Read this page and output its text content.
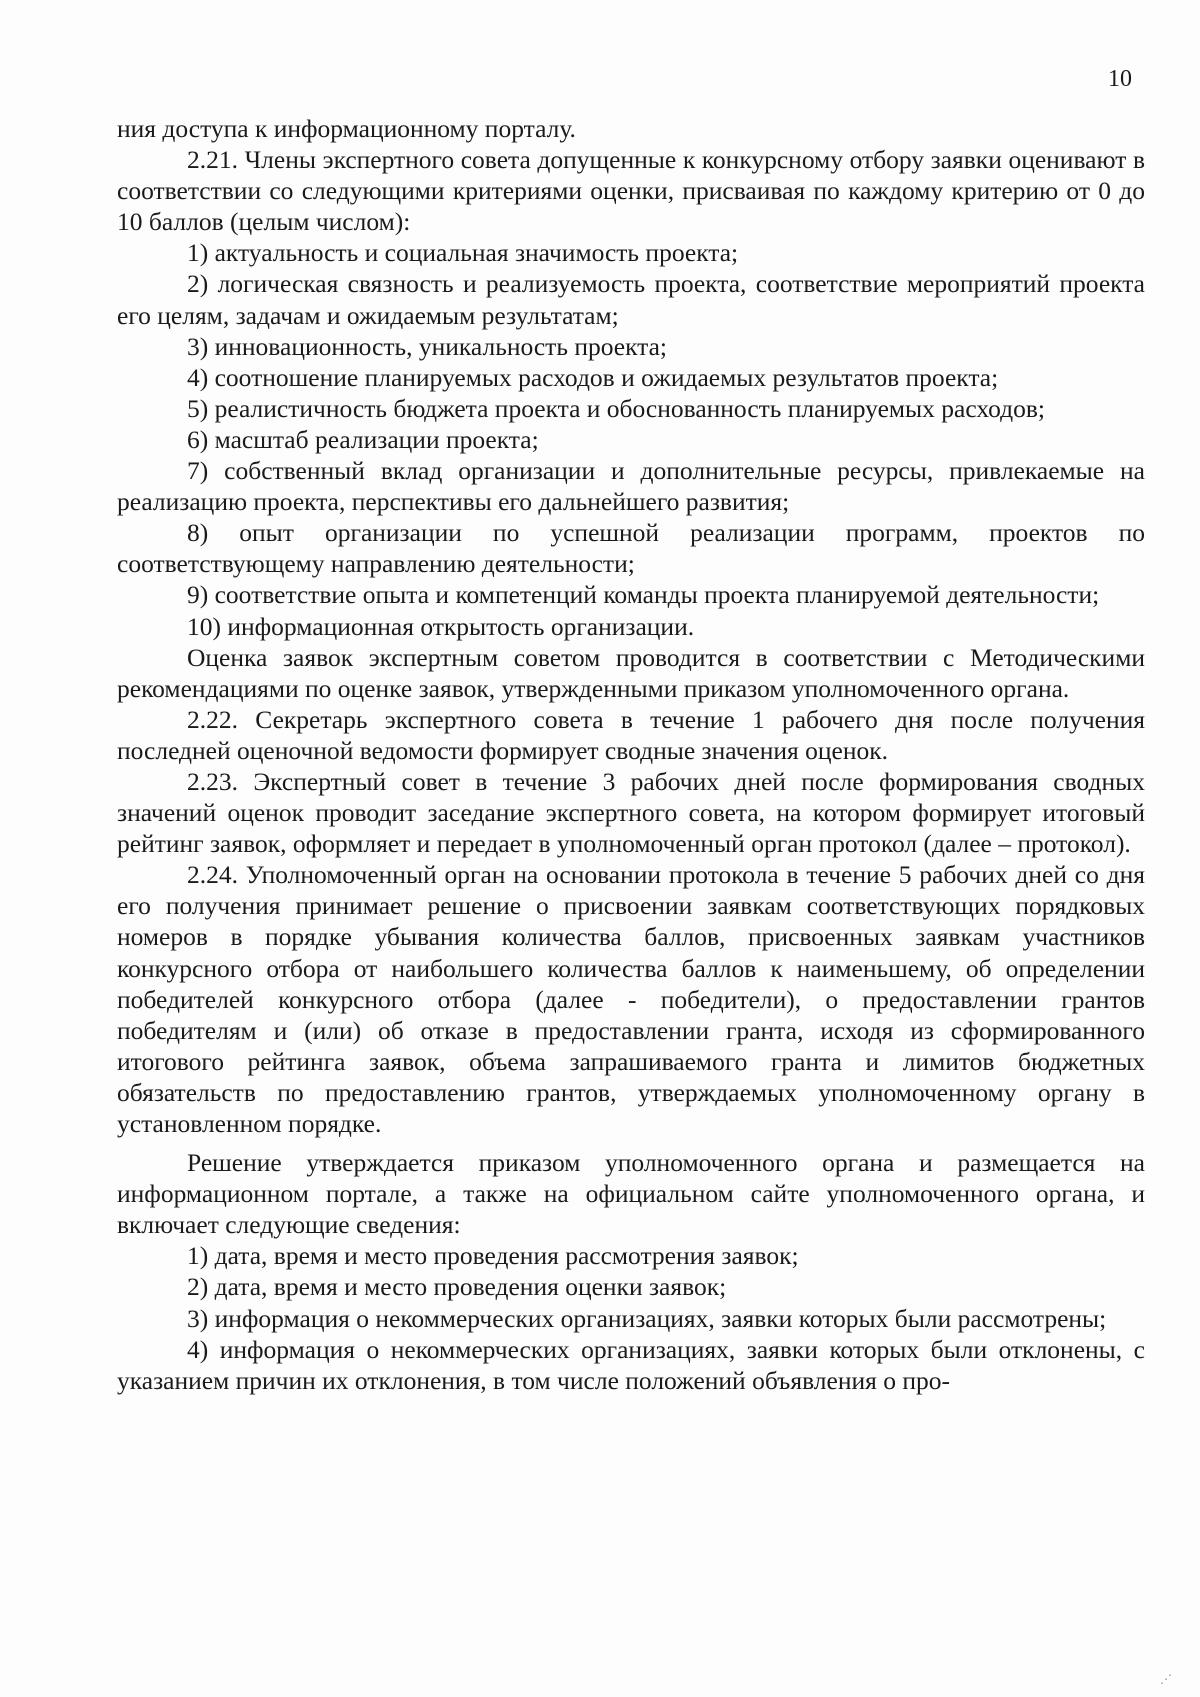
10

ния доступа к информационному порталу.

2.21. Члены экспертного совета допущенные к конкурсному отбору заявки оценивают в соответствии со следующими критериями оценки, присваивая по каждому критерию от 0 до 10 баллов (целым числом):

1) актуальность и социальная значимость проекта;

2) логическая связность и реализуемость проекта, соответствие мероприятий проекта его целям, задачам и ожидаемым результатам;

3) инновационность, уникальность проекта;

4) соотношение планируемых расходов и ожидаемых результатов проекта;

5) реалистичность бюджета проекта и обоснованность планируемых расходов;

6) масштаб реализации проекта;

7) собственный вклад организации и дополнительные ресурсы, привлекаемые на реализацию проекта, перспективы его дальнейшего развития;

8) опыт организации по успешной реализации программ, проектов по соответствующему направлению деятельности;

9) соответствие опыта и компетенций команды проекта планируемой деятельности;

10) информационная открытость организации.

Оценка заявок экспертным советом проводится в соответствии с Методическими рекомендациями по оценке заявок, утвержденными приказом уполномоченного органа.

2.22. Секретарь экспертного совета в течение 1 рабочего дня после получения последней оценочной ведомости формирует сводные значения оценок.

2.23. Экспертный совет в течение 3 рабочих дней после формирования сводных значений оценок проводит заседание экспертного совета, на котором формирует итоговый рейтинг заявок, оформляет и передает в уполномоченный орган протокол (далее – протокол).

2.24. Уполномоченный орган на основании протокола в течение 5 рабочих дней со дня его получения принимает решение о присвоении заявкам соответствующих порядковых номеров в порядке убывания количества баллов, присвоенных заявкам участников конкурсного отбора от наибольшего количества баллов к наименьшему, об определении победителей конкурсного отбора (далее - победители), о предоставлении грантов победителям и (или) об отказе в предоставлении гранта, исходя из сформированного итогового рейтинга заявок, объема запрашиваемого гранта и лимитов бюджетных обязательств по предоставлению грантов, утверждаемых уполномоченному органу в установленном порядке.

Решение утверждается приказом уполномоченного органа и размещается на информационном портале, а также на официальном сайте уполномоченного органа, и включает следующие сведения:

1) дата, время и место проведения рассмотрения заявок;

2) дата, время и место проведения оценки заявок;

3) информация о некоммерческих организациях, заявки которых были рассмотрены;

4) информация о некоммерческих организациях, заявки которых были отклонены, с указанием причин их отклонения, в том числе положений объявления о про-

⋰
